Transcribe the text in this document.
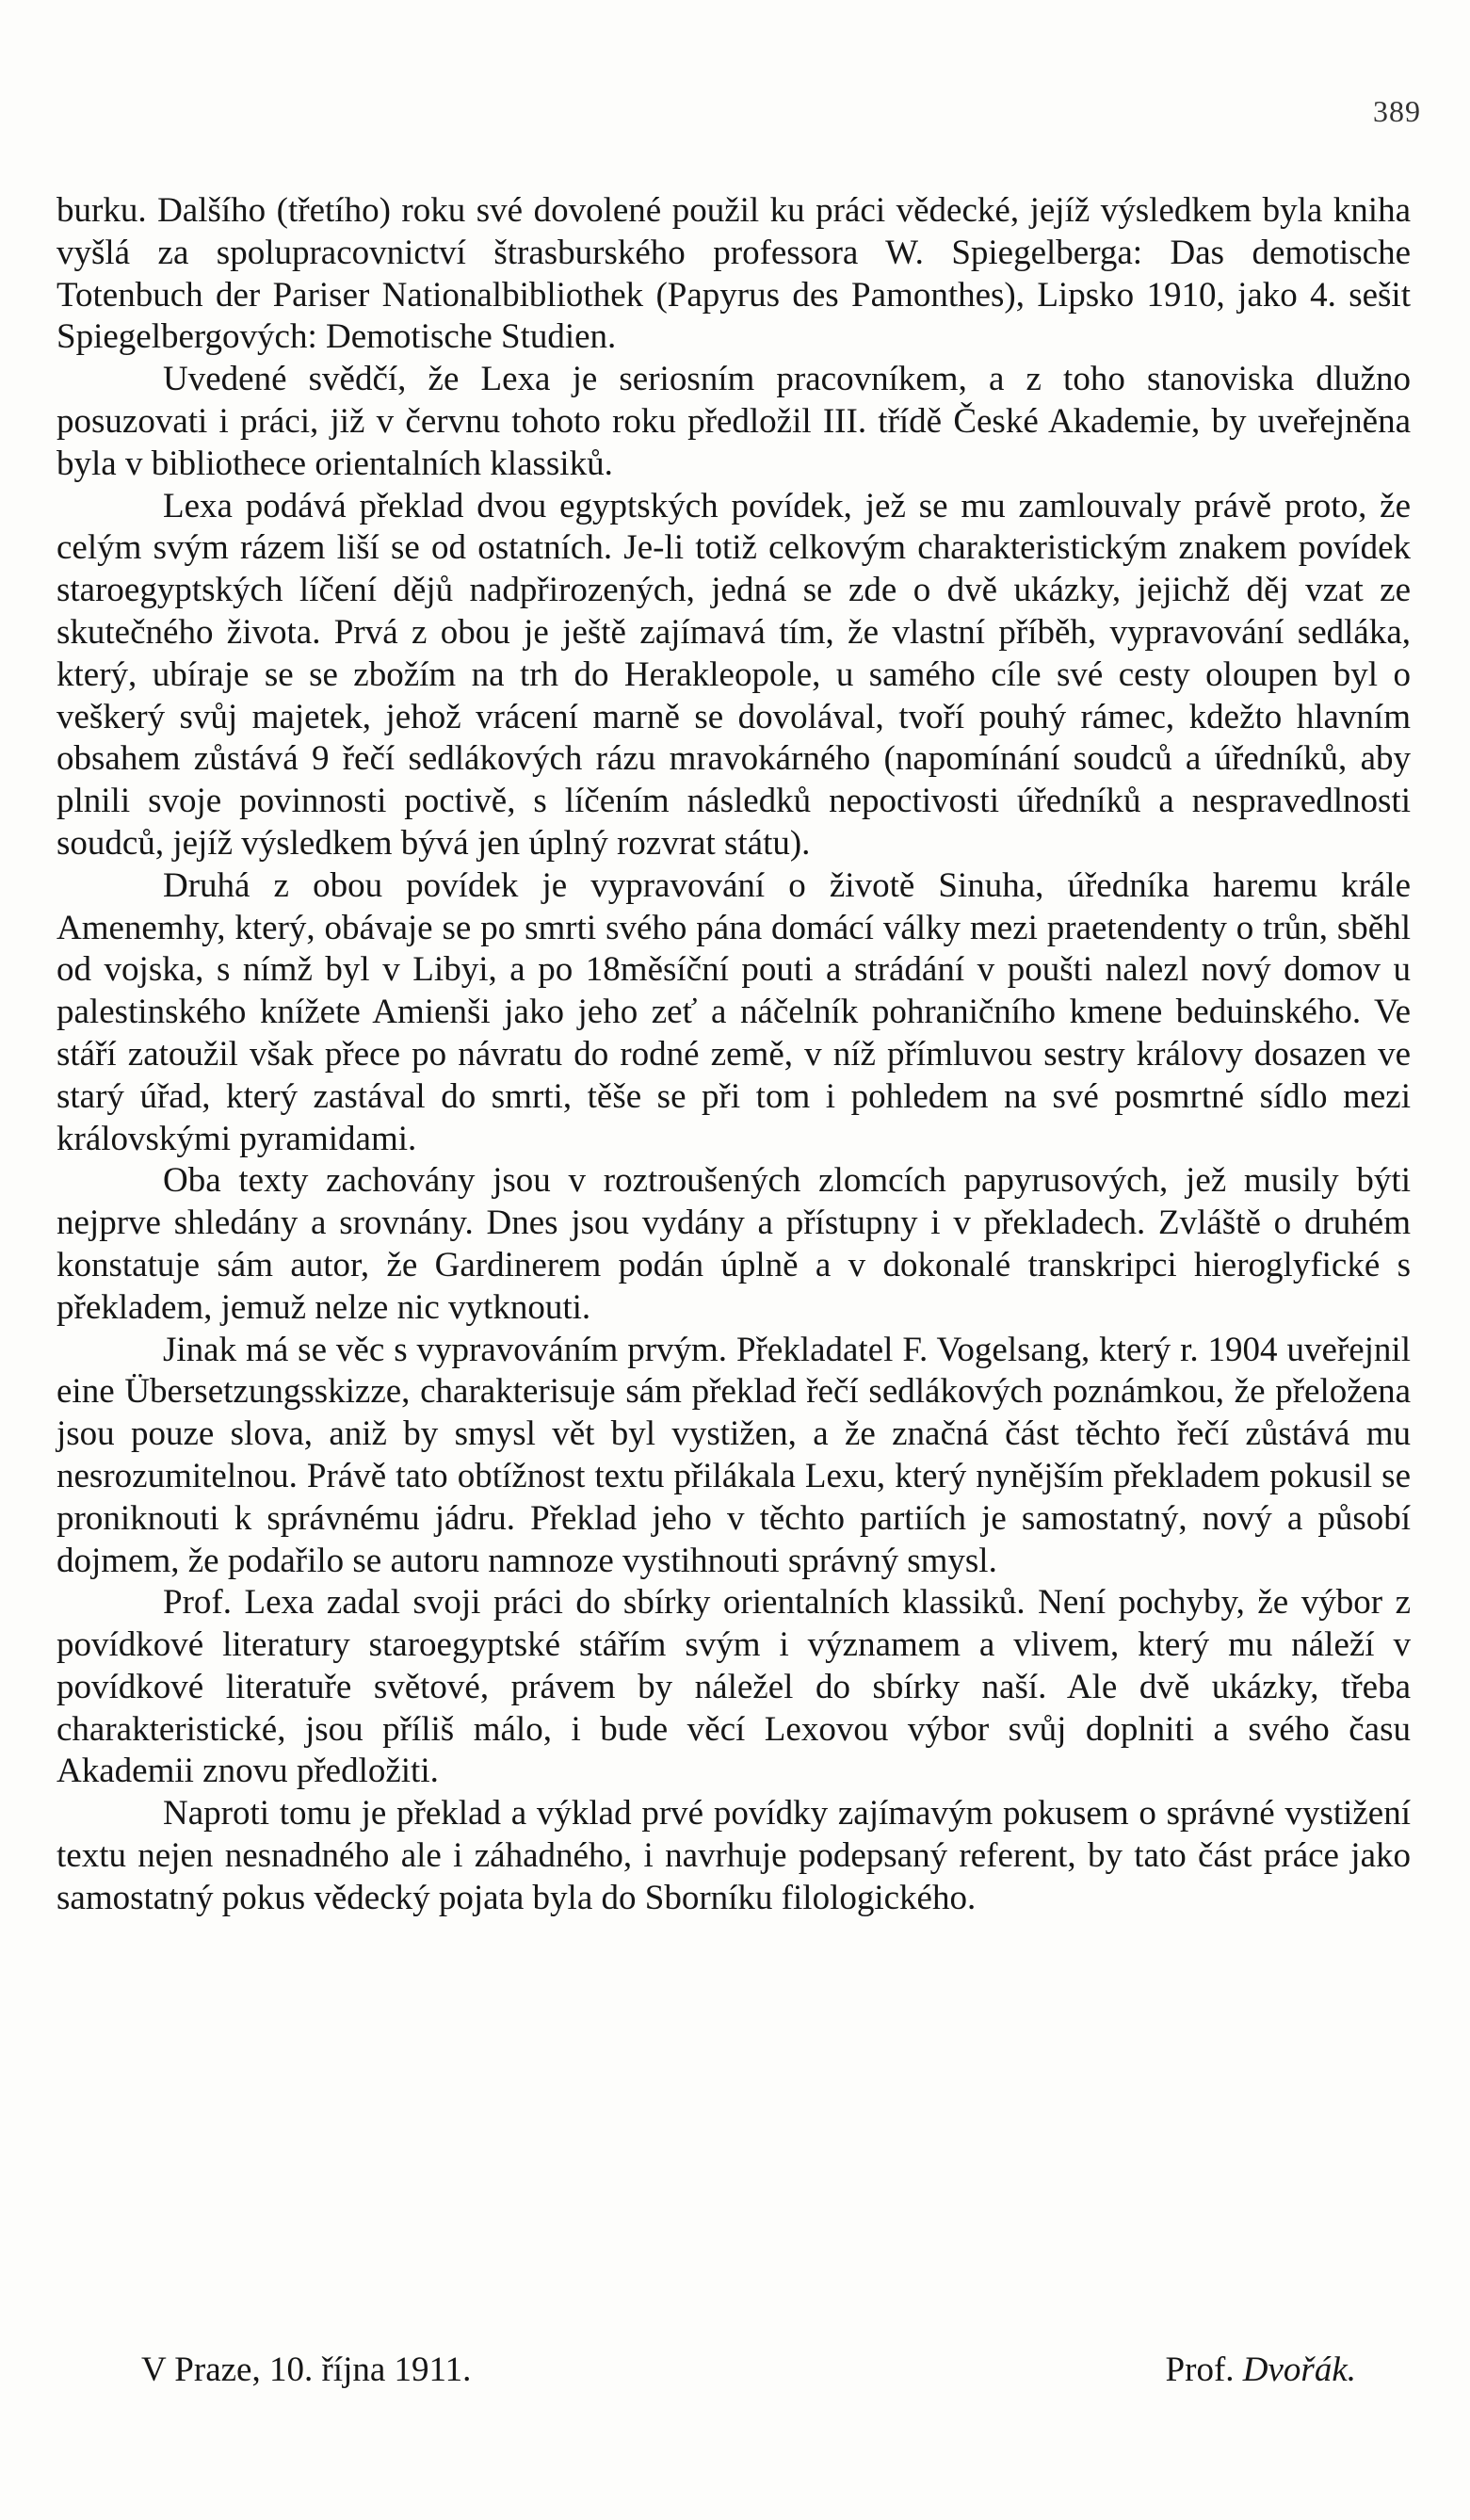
389

burku. Dalšího (třetího) roku své dovolené použil ku práci vědecké, jejíž výsledkem byla kniha vyšlá za spolupracovnictví štrasburského professora W. Spiegelberga: Das demotische Totenbuch der Pariser Nationalbibliothek (Papyrus des Pamonthes), Lipsko 1910, jako 4. sešit Spiegelbergových: Demotische Studien.

Uvedené svědčí, že Lexa je seriosním pracovníkem, a z toho stanoviska dlužno posuzovati i práci, již v červnu tohoto roku předložil III. třídě České Akademie, by uveřejněna byla v bibliothece orientalních klassiků.

Lexa podává překlad dvou egyptských povídek, jež se mu zamlouvaly právě proto, že celým svým rázem liší se od ostatních. Je-li totiž celkovým charakteristickým znakem povídek staroegyptských líčení dějů nadpřirozených, jedná se zde o dvě ukázky, jejichž děj vzat ze skutečného života. Prvá z obou je ještě zajímavá tím, že vlastní příběh, vypravování sedláka, který, ubíraje se se zbožím na trh do Herakleopole, u samého cíle své cesty oloupen byl o veškerý svůj majetek, jehož vrácení marně se dovolával, tvoří pouhý rámec, kdežto hlavním obsahem zůstává 9 řečí sedlákových rázu mravokárného (napomínání soudců a úředníků, aby plnili svoje povinnosti poctivě, s líčením následků nepoctivosti úředníků a nespravedlnosti soudců, jejíž výsledkem bývá jen úplný rozvrat státu).

Druhá z obou povídek je vypravování o životě Sinuha, úředníka haremu krále Amenemhy, který, obávaje se po smrti svého pána domácí války mezi praetendenty o trůn, sběhl od vojska, s nímž byl v Libyi, a po 18měsíční pouti a strádání v poušti nalezl nový domov u palestinského knížete Amienši jako jeho zeť a náčelník pohraničního kmene beduinského. Ve stáří zatoužil však přece po návratu do rodné země, v níž přímluvou sestry královy dosazen ve starý úřad, který zastával do smrti, těše se při tom i pohledem na své posmrtné sídlo mezi královskými pyramidami.

Oba texty zachovány jsou v roztroušených zlomcích papyrusových, jež musily býti nejprve shledány a srovnány. Dnes jsou vydány a přístupny i v překladech. Zvláště o druhém konstatuje sám autor, že Gardinerem podán úplně a v dokonalé transkripci hieroglyfické s překladem, jemuž nelze nic vytknouti.

Jinak má se věc s vypravováním prvým. Překladatel F. Vogelsang, který r. 1904 uveřejnil eine Übersetzungsskizze, charakterisuje sám překlad řečí sedlákových poznámkou, že přeložena jsou pouze slova, aniž by smysl vět byl vystižen, a že značná část těchto řečí zůstává mu nesrozumitelnou. Právě tato obtížnost textu přilákala Lexu, který nynějším překladem pokusil se proniknouti k správnému jádru. Překlad jeho v těchto partiích je samostatný, nový a působí dojmem, že podařilo se autoru namnoze vystihnouti správný smysl.

Prof. Lexa zadal svoji práci do sbírky orientalních klassiků. Není pochyby, že výbor z povídkové literatury staroegyptské stářím svým i významem a vlivem, který mu náleží v povídkové literatuře světové, právem by náležel do sbírky naší. Ale dvě ukázky, třeba charakteristické, jsou příliš málo, i bude věcí Lexovou výbor svůj doplniti a svého času Akademii znovu předložiti.

Naproti tomu je překlad a výklad prvé povídky zajímavým pokusem o správné vystižení textu nejen nesnadného ale i záhadného, i navrhuje podepsaný referent, by tato část práce jako samostatný pokus vědecký pojata byla do Sborníku filologického.

V Praze, 10. října 1911.	Prof. Dvořák.
